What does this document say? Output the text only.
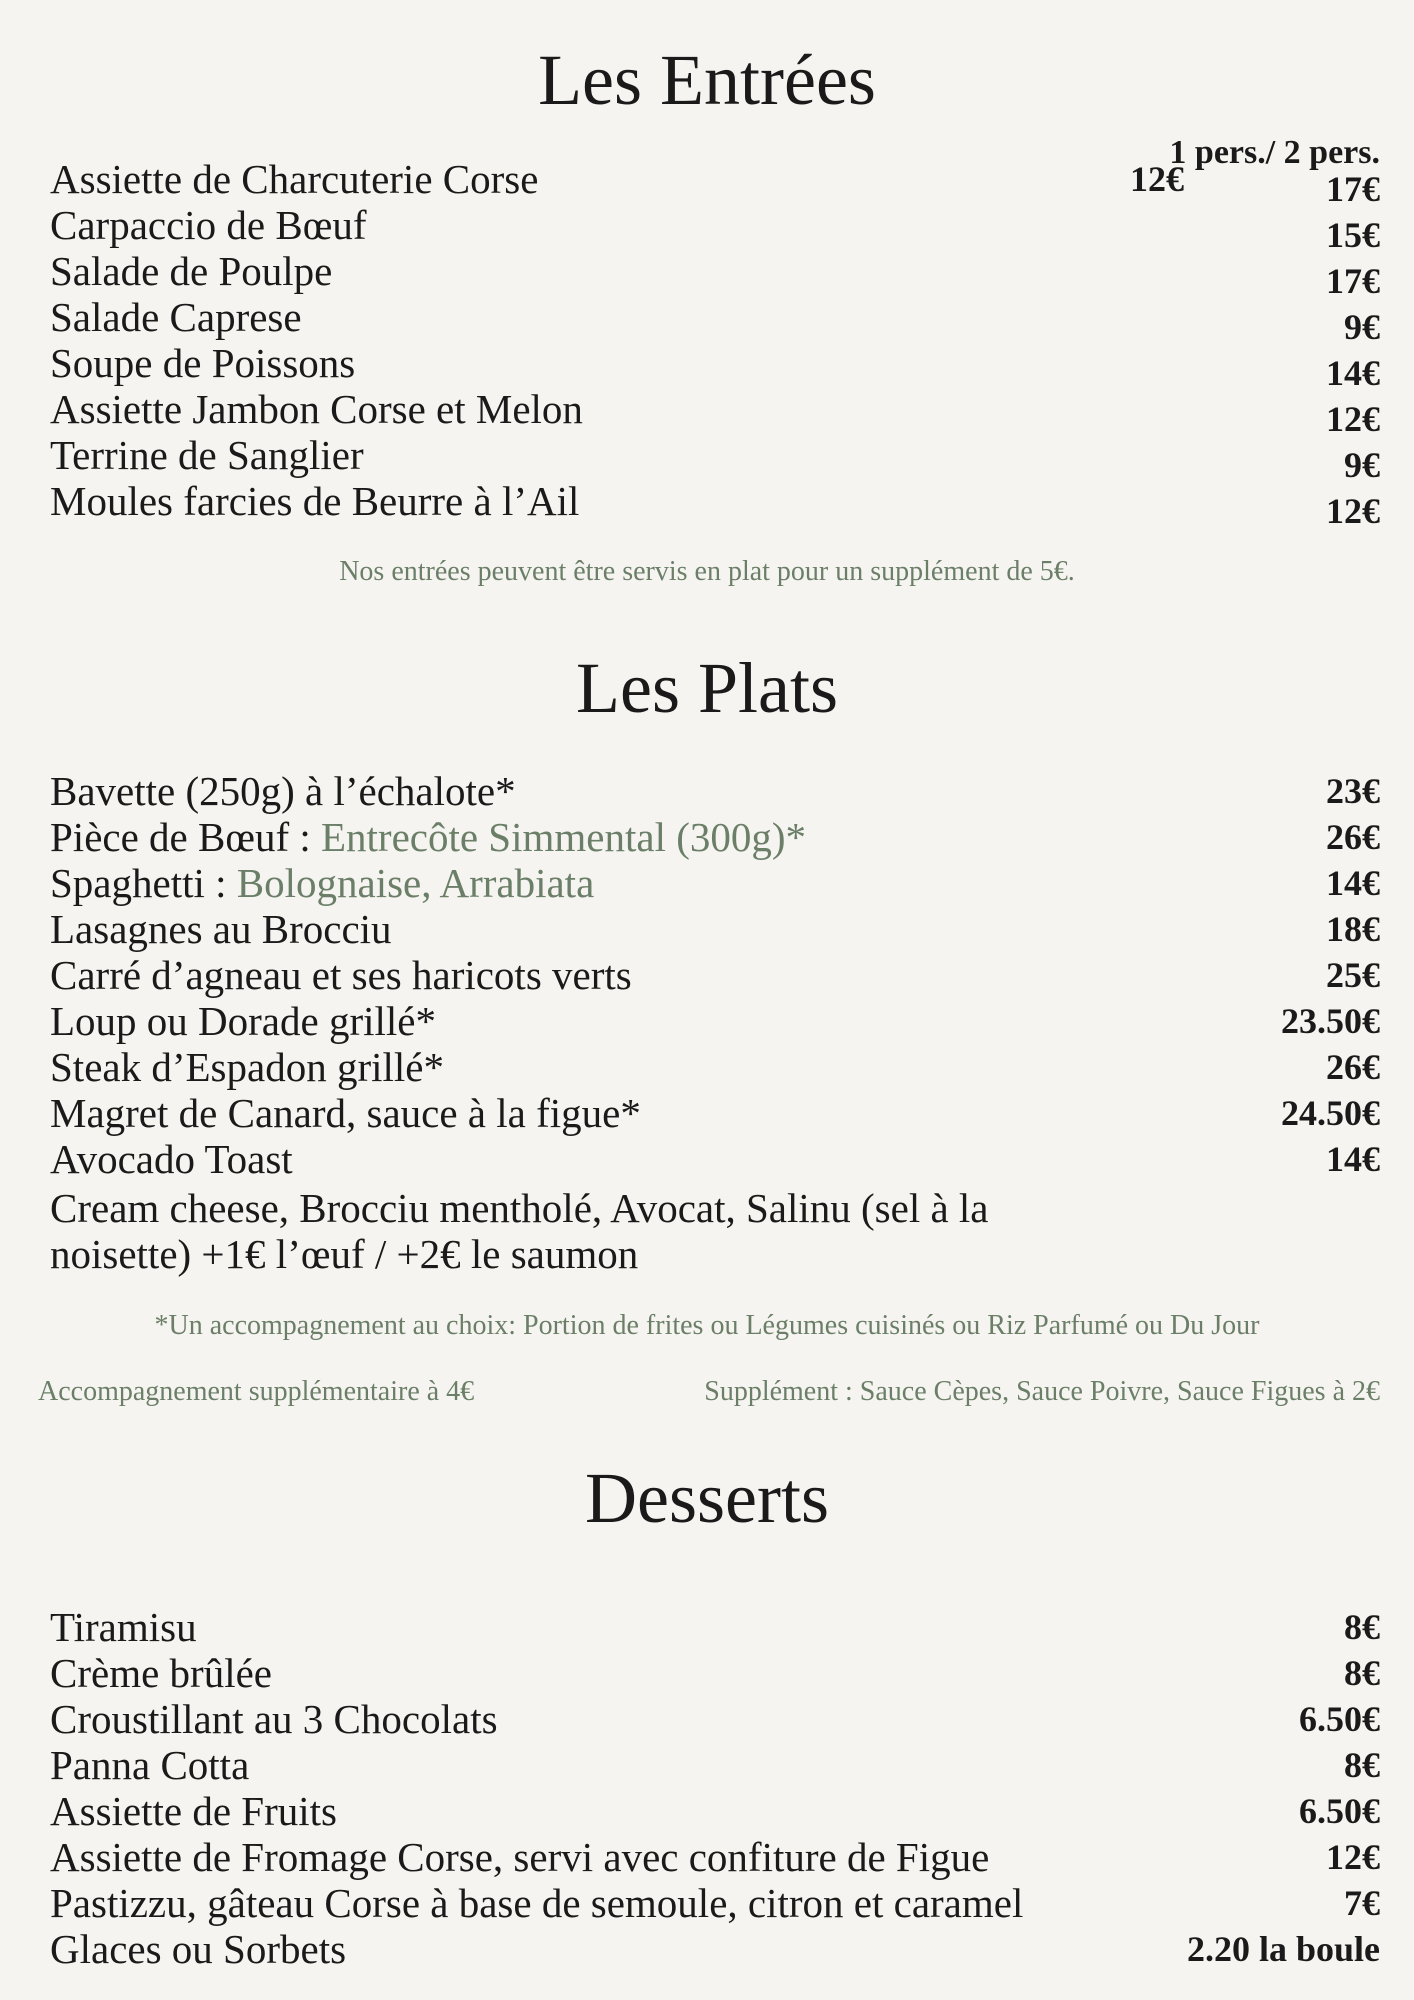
Les Entrées
1 pers./ 2 pers.
Assiette de Charcuterie Corse	12€	17€
Carpaccio de Bœuf	15€
Salade de Poulpe	17€
Salade Caprese	9€
Soupe de Poissons	14€
Assiette Jambon Corse et Melon	12€
Terrine de Sanglier	9€
Moules farcies de Beurre à l’Ail	12€
Nos entrées peuvent être servis en plat pour un supplément de 5€.
Les Plats
Bavette (250g) à l’échalote*	23€
Pièce de Bœuf : Entrecôte Simmental (300g)*	26€
Spaghetti : Bolognaise, Arrabiata	14€
Lasagnes au Brocciu	18€
Carré d’agneau et ses haricots verts	25€
Loup ou Dorade grillé*	23.50€
Steak d’Espadon grillé*	26€
Magret de Canard, sauce à la figue*	24.50€
Avocado Toast	14€
Cream cheese, Brocciu mentholé, Avocat, Salinu (sel à la noisette) +1€ l’œuf / +2€ le saumon
*Un accompagnement au choix: Portion de frites ou Légumes cuisinés ou Riz Parfumé ou Du Jour
Accompagnement supplémentaire à 4€	Supplément : Sauce Cèpes, Sauce Poivre, Sauce Figues à 2€
Desserts
Tiramisu	8€
Crème brûlée	8€
Croustillant au 3 Chocolats	6.50€
Panna Cotta	8€
Assiette de Fruits	6.50€
Assiette de Fromage Corse, servi avec confiture de Figue	12€
Pastizzu, gâteau Corse à base de semoule, citron et caramel	7€
Glaces ou Sorbets	2.20 la boule
